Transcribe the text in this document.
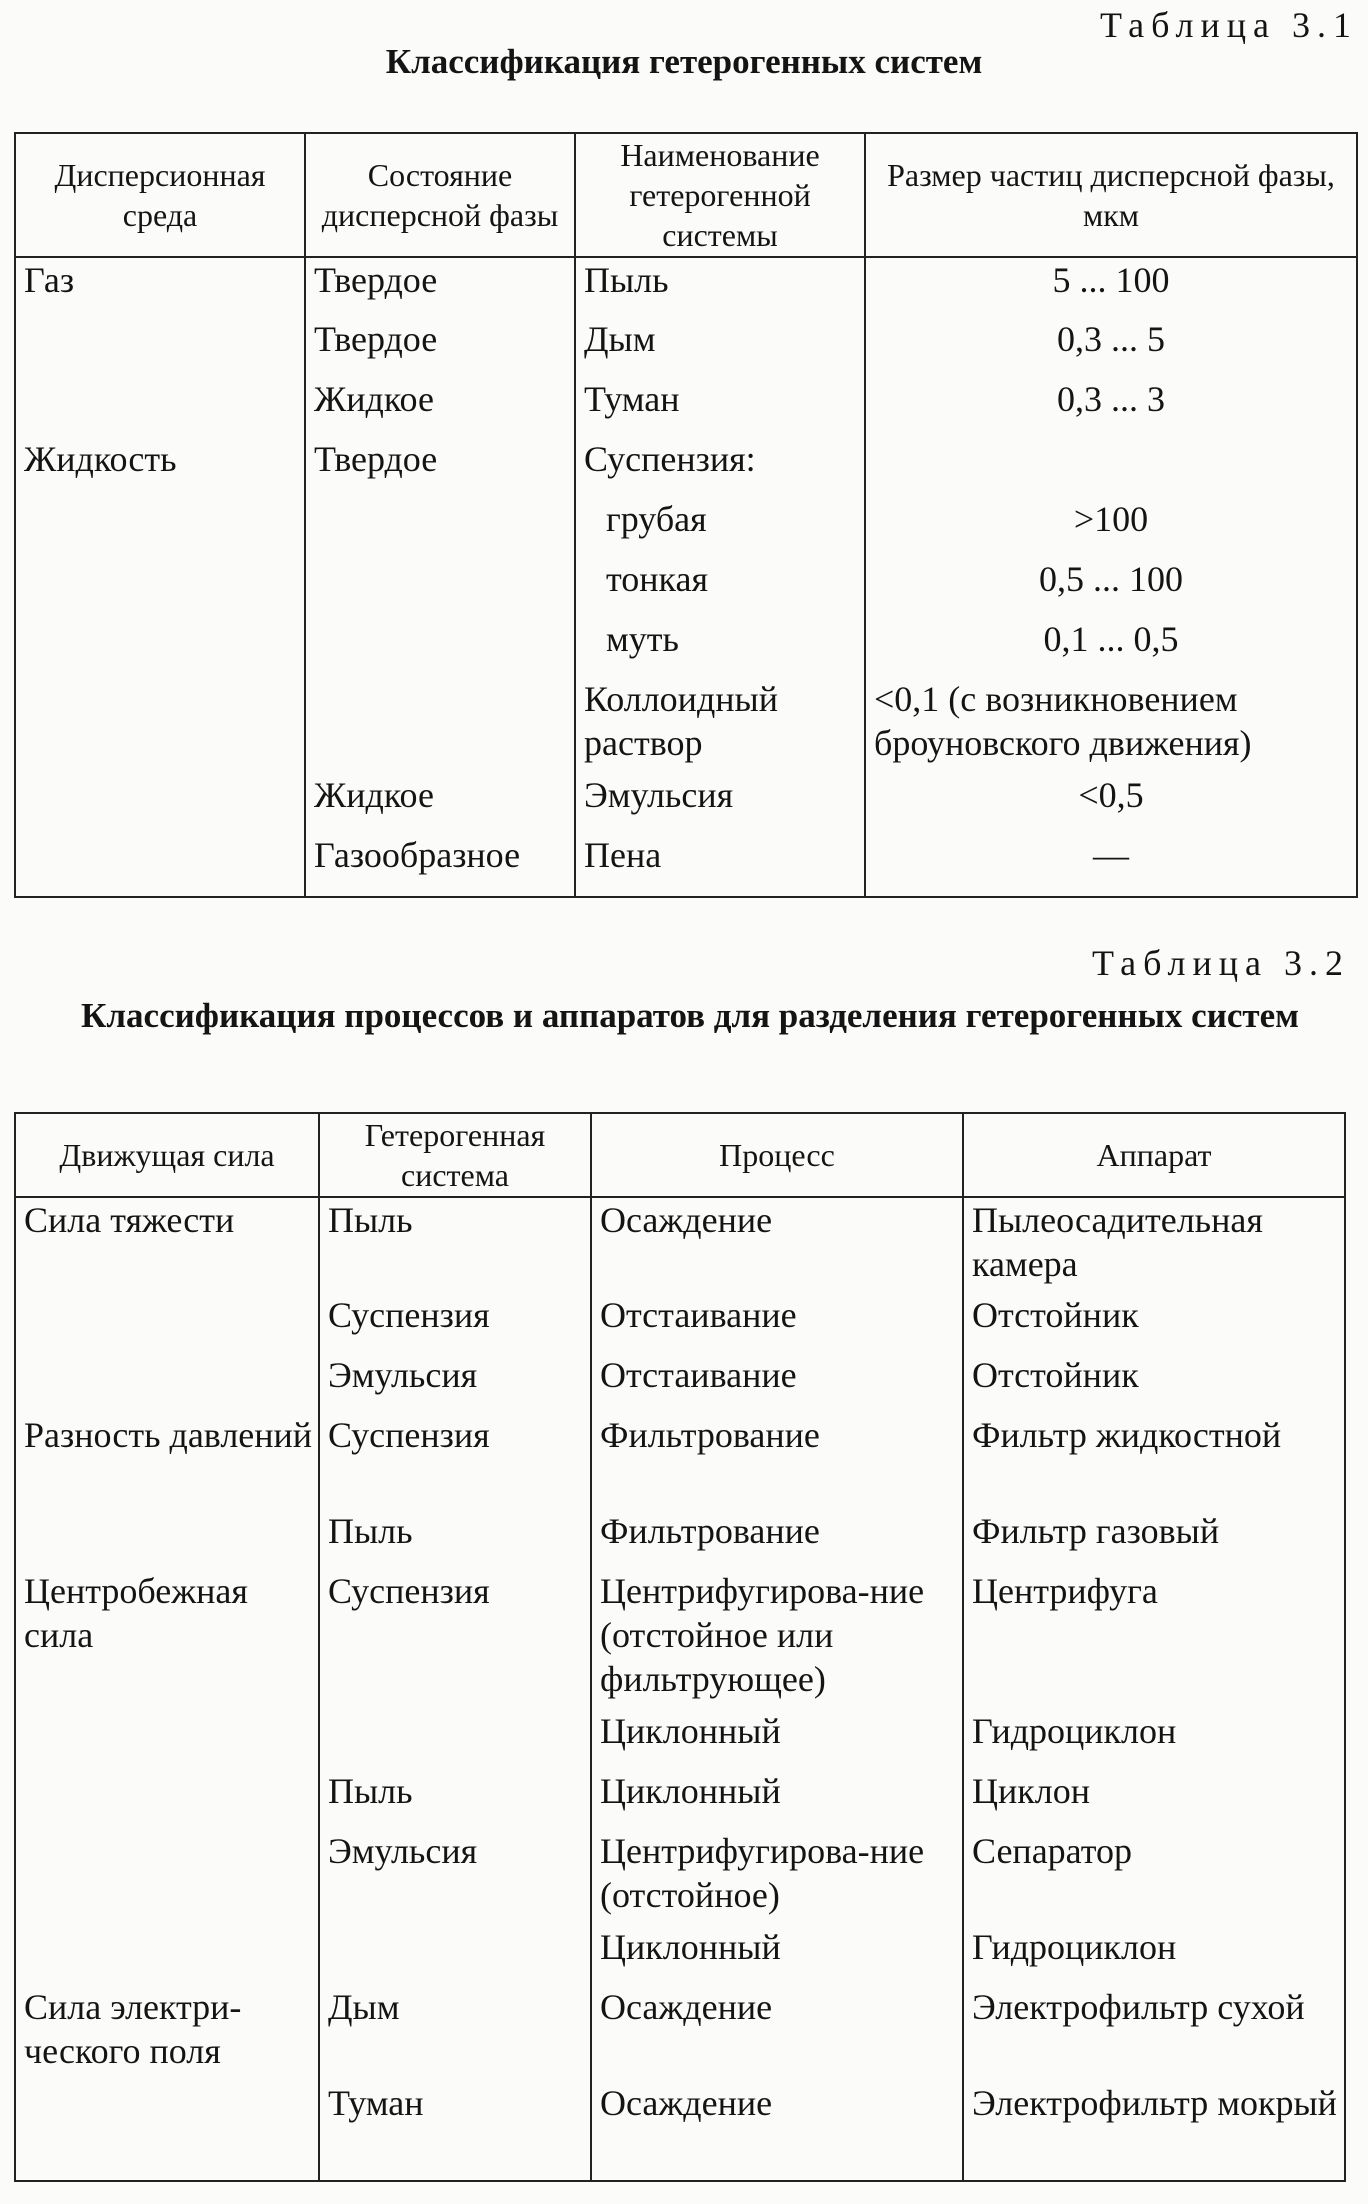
Таблица 3.1
Классификация гетерогенных систем
Дисперсионная среда	Состояние дисперсной фазы	Наименование гетерогенной системы	Размер частиц дисперсной фазы, мкм
Газ	Твердое	Пыль	5 ... 100
	Твердое	Дым	0,3 ... 5
	Жидкое	Туман	0,3 ... 3
Жидкость	Твердое	Суспензия:	
		грубая	>100
		тонкая	0,5 ... 100
		муть	0,1 ... 0,5
		Коллоидный раствор	<0,1 (с возникновением броуновского движения)
	Жидкое	Эмульсия	<0,5
	Газообразное	Пена	—
Таблица 3.2
Классификация процессов и аппаратов для разделения гетерогенных систем
Движущая сила	Гетерогенная система	Процесс	Аппарат
Сила тяжести	Пыль	Осаждение	Пылеосадительная камера
	Суспензия	Отстаивание	Отстойник
	Эмульсия	Отстаивание	Отстойник
Разность давлений	Суспензия	Фильтрование	Фильтр жидкостной
	Пыль	Фильтрование	Фильтр газовый
Центробежная сила	Суспензия	Центрифугирова-ние (отстойное или фильтрующее)	Центрифуга
		Циклонный	Гидроциклон
	Пыль	Циклонный	Циклон
	Эмульсия	Центрифугирова-ние (отстойное)	Сепаратор
		Циклонный	Гидроциклон
Сила электри-ческого поля	Дым	Осаждение	Электрофильтр сухой
	Туман	Осаждение	Электрофильтр мокрый
